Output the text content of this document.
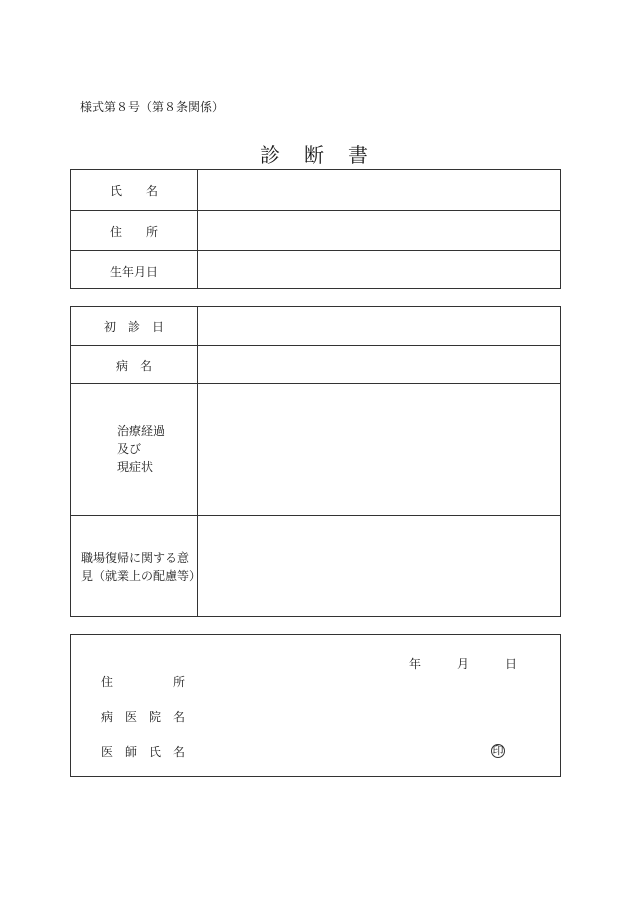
様式第８号（第８条関係）
診　断　書
氏　　名
住　　所
生年月日
初　診　日
病　名
治療経過
及び
現症状
職場復帰に関する意
見（就業上の配慮等）
年　　　月　　　日
住　　　　　所
病　医　院　名
医　師　氏　名	印
